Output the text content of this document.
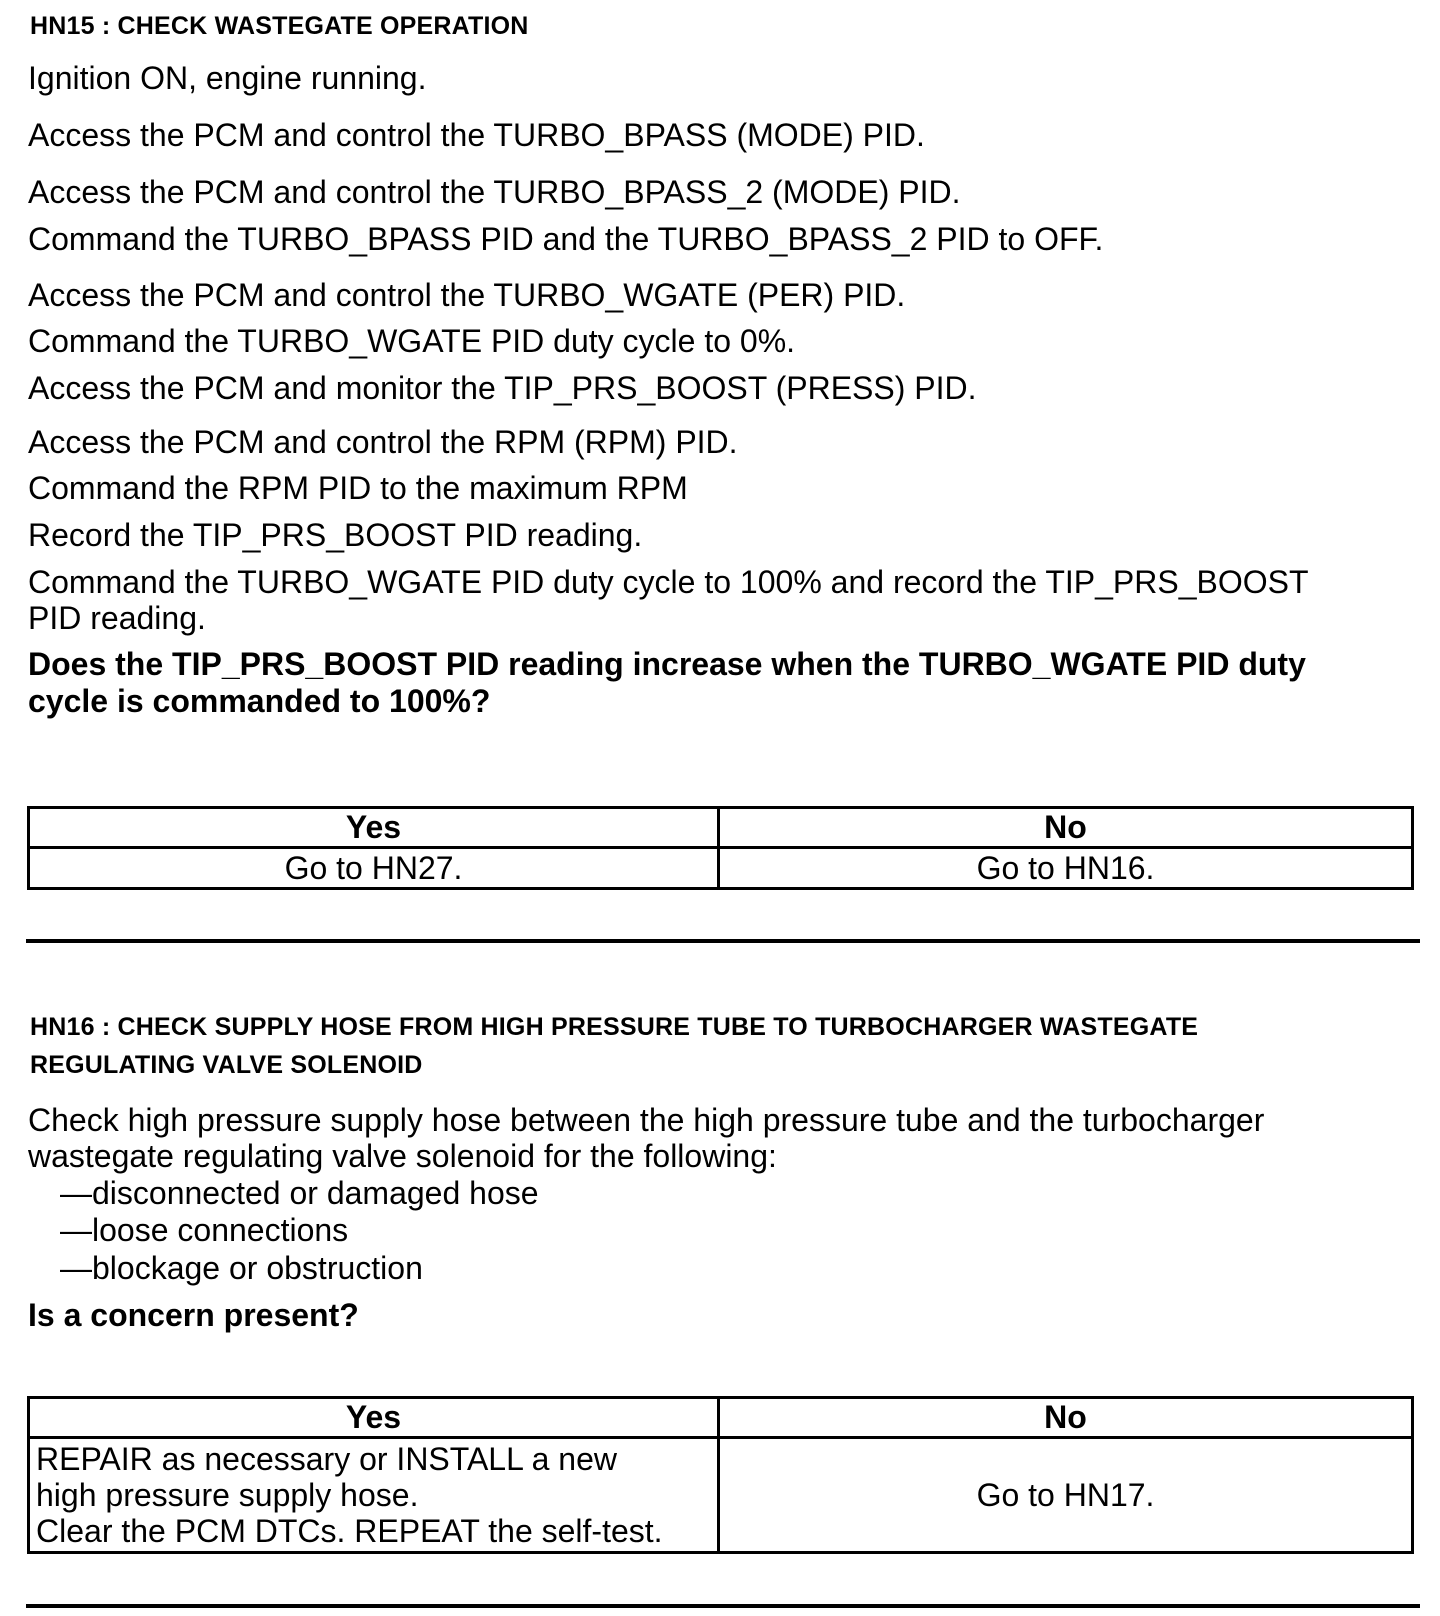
HN15 : CHECK WASTEGATE OPERATION
Ignition ON, engine running.
Access the PCM and control the TURBO_BPASS (MODE) PID.
Access the PCM and control the TURBO_BPASS_2 (MODE) PID.
Command the TURBO_BPASS PID and the TURBO_BPASS_2 PID to OFF.
Access the PCM and control the TURBO_WGATE (PER) PID.
Command the TURBO_WGATE PID duty cycle to 0%.
Access the PCM and monitor the TIP_PRS_BOOST (PRESS) PID.
Access the PCM and control the RPM (RPM) PID.
Command the RPM PID to the maximum RPM
Record the TIP_PRS_BOOST PID reading.
Command the TURBO_WGATE PID duty cycle to 100% and record the TIP_PRS_BOOST
PID reading.
Does the TIP_PRS_BOOST PID reading increase when the TURBO_WGATE PID duty
cycle is commanded to 100%?
Yes	No
Go to HN27.	Go to HN16.
HN16 : CHECK SUPPLY HOSE FROM HIGH PRESSURE TUBE TO TURBOCHARGER WASTEGATE
REGULATING VALVE SOLENOID
Check high pressure supply hose between the high pressure tube and the turbocharger
wastegate regulating valve solenoid for the following:
—disconnected or damaged hose
—loose connections
—blockage or obstruction
Is a concern present?
Yes	No

REPAIR as necessary or INSTALL a new
high pressure supply hose.
Clear the PCM DTCs. REPEAT the self-test.	Go to HN17.
